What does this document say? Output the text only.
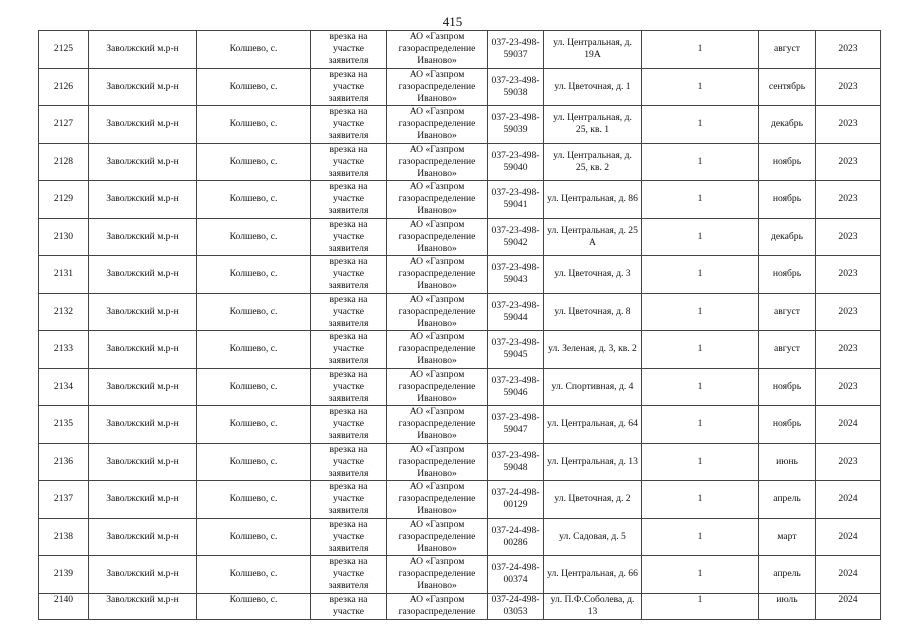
415
2125	Заволжский м.р-н	Колшево, с.	врезка на участке заявителя	АО «Газпром газораспределение Иваново»	037-23-498-59037	ул. Центральная, д. 19А	1	август	2023
2126	Заволжский м.р-н	Колшево, с.	врезка на участке заявителя	АО «Газпром газораспределение Иваново»	037-23-498-59038	ул. Цветочная, д. 1	1	сентябрь	2023
2127	Заволжский м.р-н	Колшево, с.	врезка на участке заявителя	АО «Газпром газораспределение Иваново»	037-23-498-59039	ул. Центральная, д. 25, кв. 1	1	декабрь	2023
2128	Заволжский м.р-н	Колшево, с.	врезка на участке заявителя	АО «Газпром газораспределение Иваново»	037-23-498-59040	ул. Центральная, д. 25, кв. 2	1	ноябрь	2023
2129	Заволжский м.р-н	Колшево, с.	врезка на участке заявителя	АО «Газпром газораспределение Иваново»	037-23-498-59041	ул. Центральная, д. 86	1	ноябрь	2023
2130	Заволжский м.р-н	Колшево, с.	врезка на участке заявителя	АО «Газпром газораспределение Иваново»	037-23-498-59042	ул. Центральная, д. 25 А	1	декабрь	2023
2131	Заволжский м.р-н	Колшево, с.	врезка на участке заявителя	АО «Газпром газораспределение Иваново»	037-23-498-59043	ул. Цветочная, д. 3	1	ноябрь	2023
2132	Заволжский м.р-н	Колшево, с.	врезка на участке заявителя	АО «Газпром газораспределение Иваново»	037-23-498-59044	ул. Цветочная, д. 8	1	август	2023
2133	Заволжский м.р-н	Колшево, с.	врезка на участке заявителя	АО «Газпром газораспределение Иваново»	037-23-498-59045	ул. Зеленая, д. 3, кв. 2	1	август	2023
2134	Заволжский м.р-н	Колшево, с.	врезка на участке заявителя	АО «Газпром газораспределение Иваново»	037-23-498-59046	ул. Спортивная, д. 4	1	ноябрь	2023
2135	Заволжский м.р-н	Колшево, с.	врезка на участке заявителя	АО «Газпром газораспределение Иваново»	037-23-498-59047	ул. Центральная, д. 64	1	ноябрь	2024
2136	Заволжский м.р-н	Колшево, с.	врезка на участке заявителя	АО «Газпром газораспределение Иваново»	037-23-498-59048	ул. Центральная, д. 13	1	июнь	2023
2137	Заволжский м.р-н	Колшево, с.	врезка на участке заявителя	АО «Газпром газораспределение Иваново»	037-24-498-00129	ул. Цветочная, д. 2	1	апрель	2024
2138	Заволжский м.р-н	Колшево, с.	врезка на участке заявителя	АО «Газпром газораспределение Иваново»	037-24-498-00286	ул. Садовая, д. 5	1	март	2024
2139	Заволжский м.р-н	Колшево, с.	врезка на участке заявителя	АО «Газпром газораспределение Иваново»	037-24-498-00374	ул. Центральная, д. 66	1	апрель	2024
2140	Заволжский м.р-н	Колшево, с.	врезка на участке	АО «Газпром газораспределение	037-24-498-03053	ул. П.Ф.Соболева, д. 13	1	июль	2024
